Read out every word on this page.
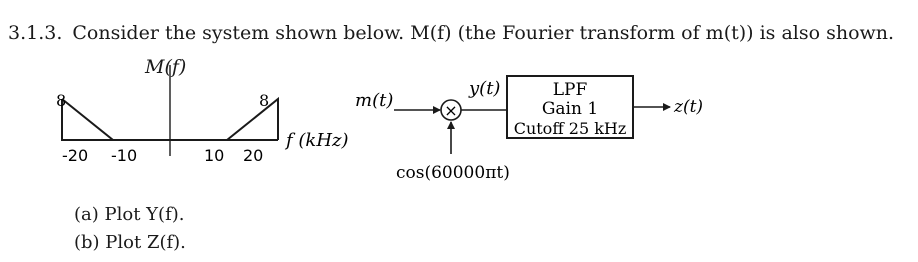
3.1.3. Consider the system shown below. M(f) (the Fourier transform of m(t)) is also shown.
M(f)
8	8
-20 -10	10 20
f (kHz)
m(t)	×
cos(60000πt)
y(t)	LPF
Gain 1
Cutoff 25 kHz
z(t)
(a) Plot Y(f).
(b) Plot Z(f).
